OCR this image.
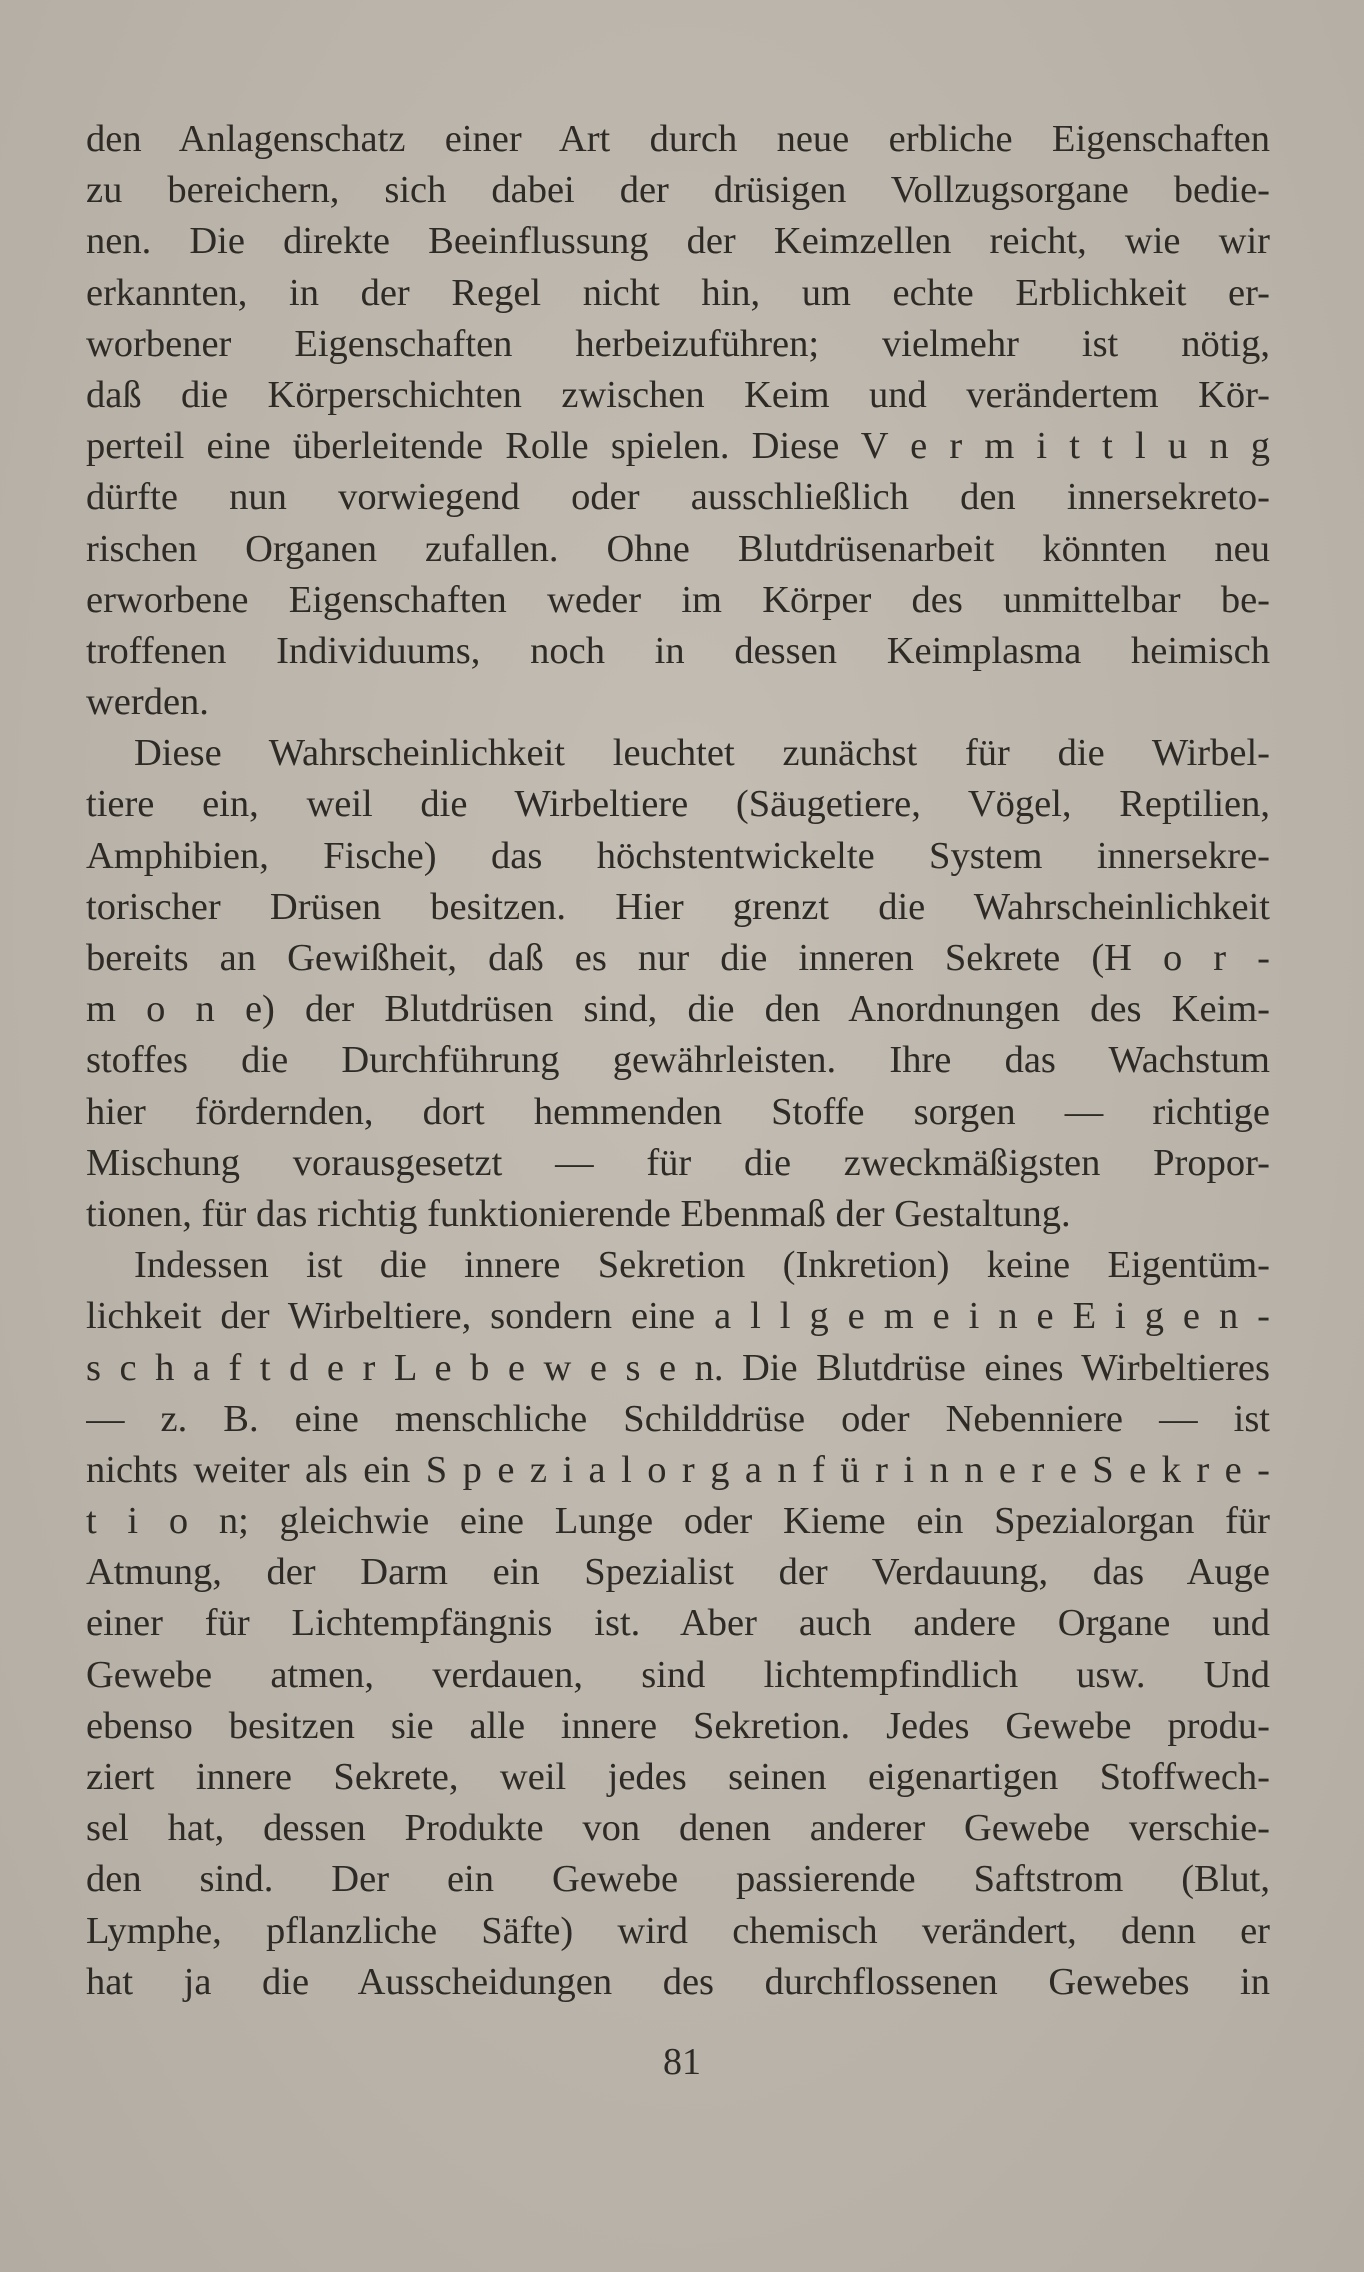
den Anlagenschatz einer Art durch neue erbliche Eigenschaften
zu bereichern, sich dabei der drüsigen Vollzugsorgane bedie-
nen. Die direkte Beeinflussung der Keimzellen reicht, wie wir
erkannten, in der Regel nicht hin, um echte Erblichkeit er-
worbener Eigenschaften herbeizuführen; vielmehr ist nötig,
daß die Körperschichten zwischen Keim und verändertem Kör-
perteil eine überleitende Rolle spielen. Diese V e r m i t t l u n g
dürfte nun vorwiegend oder ausschließlich den innersekreto-
rischen Organen zufallen. Ohne Blutdrüsenarbeit könnten neu
erworbene Eigenschaften weder im Körper des unmittelbar be-
troffenen Individuums, noch in dessen Keimplasma heimisch
werden.
Diese Wahrscheinlichkeit leuchtet zunächst für die Wirbel-
tiere ein, weil die Wirbeltiere (Säugetiere, Vögel, Reptilien,
Amphibien, Fische) das höchstentwickelte System innersekre-
torischer Drüsen besitzen. Hier grenzt die Wahrscheinlichkeit
bereits an Gewißheit, daß es nur die inneren Sekrete (H o r -
m o n e) der Blutdrüsen sind, die den Anordnungen des Keim-
stoffes die Durchführung gewährleisten. Ihre das Wachstum
hier fördernden, dort hemmenden Stoffe sorgen — richtige
Mischung vorausgesetzt — für die zweckmäßigsten Propor-
tionen, für das richtig funktionierende Ebenmaß der Gestaltung.
Indessen ist die innere Sekretion (Inkretion) keine Eigentüm-
lichkeit der Wirbeltiere, sondern eine a l l g e m e i n e E i g e n -
s c h a f t d e r L e b e w e s e n. Die Blutdrüse eines Wirbeltieres
— z. B. eine menschliche Schilddrüse oder Nebenniere — ist
nichts weiter als ein S p e z i a l o r g a n f ü r i n n e r e S e k r e -
t i o n; gleichwie eine Lunge oder Kieme ein Spezialorgan für
Atmung, der Darm ein Spezialist der Verdauung, das Auge
einer für Lichtempfängnis ist. Aber auch andere Organe und
Gewebe atmen, verdauen, sind lichtempfindlich usw. Und
ebenso besitzen sie alle innere Sekretion. Jedes Gewebe produ-
ziert innere Sekrete, weil jedes seinen eigenartigen Stoffwech-
sel hat, dessen Produkte von denen anderer Gewebe verschie-
den sind. Der ein Gewebe passierende Saftstrom (Blut,
Lymphe, pflanzliche Säfte) wird chemisch verändert, denn er
hat ja die Ausscheidungen des durchflossenen Gewebes in
81
